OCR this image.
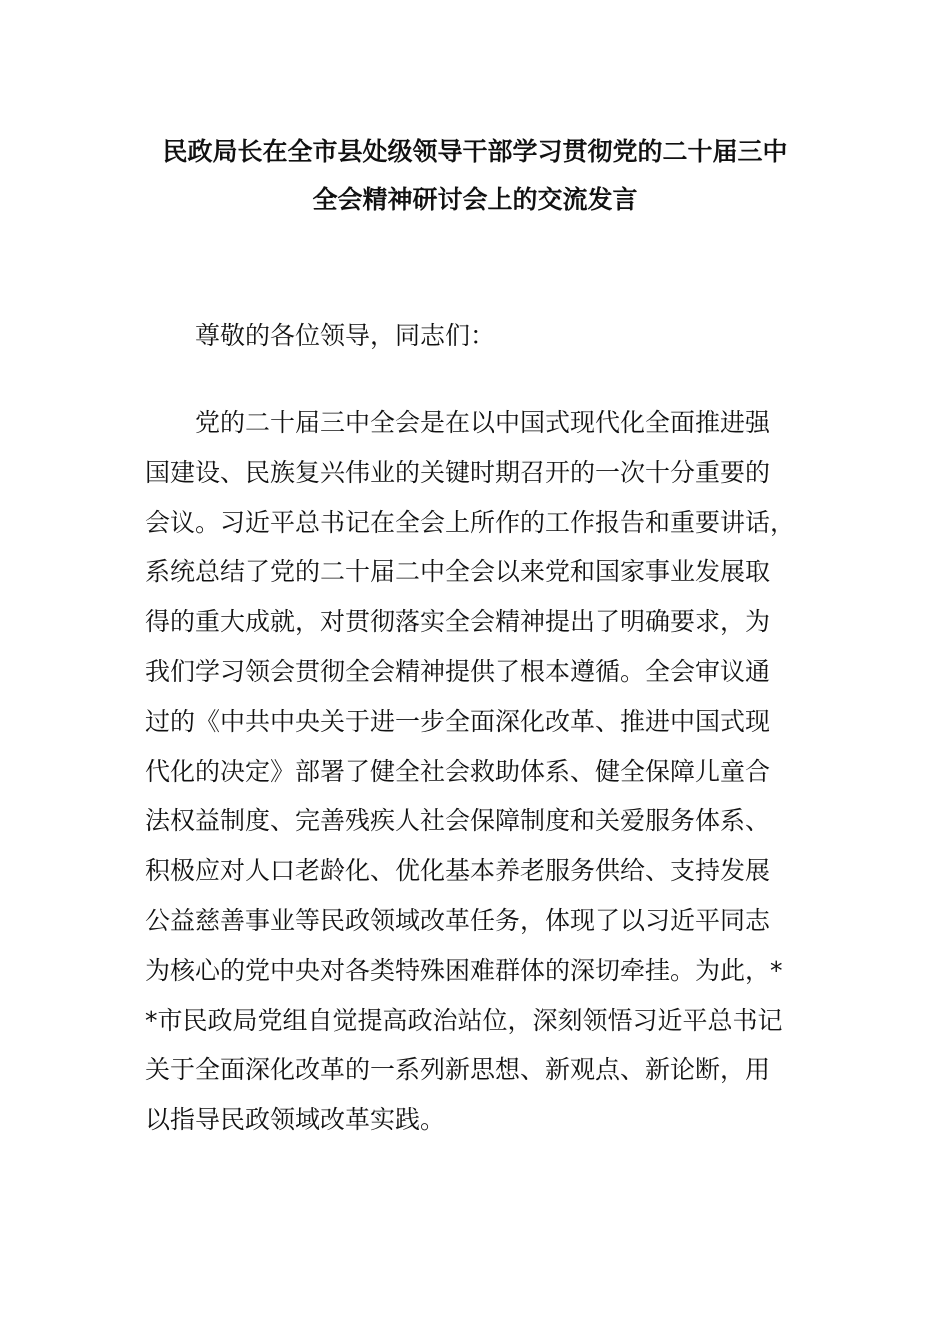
民政局长在全市县处级领导干部学习贯彻党的二十届三中
全会精神研讨会上的交流发言
尊敬的各位领导，同志们：
党的二十届三中全会是在以中国式现代化全面推进强
国建设、民族复兴伟业的关键时期召开的一次十分重要的
会议。习近平总书记在全会上所作的工作报告和重要讲话，
系统总结了党的二十届二中全会以来党和国家事业发展取
得的重大成就，对贯彻落实全会精神提出了明确要求，为
我们学习领会贯彻全会精神提供了根本遵循。全会审议通
过的《中共中央关于进一步全面深化改革、推进中国式现
代化的决定》部署了健全社会救助体系、健全保障儿童合
法权益制度、完善残疾人社会保障制度和关爱服务体系、
积极应对人口老龄化、优化基本养老服务供给、支持发展
公益慈善事业等民政领域改革任务，体现了以习近平同志
为核心的党中央对各类特殊困难群体的深切牵挂。为此，*
*市民政局党组自觉提高政治站位，深刻领悟习近平总书记
关于全面深化改革的一系列新思想、新观点、新论断，用
以指导民政领域改革实践。
